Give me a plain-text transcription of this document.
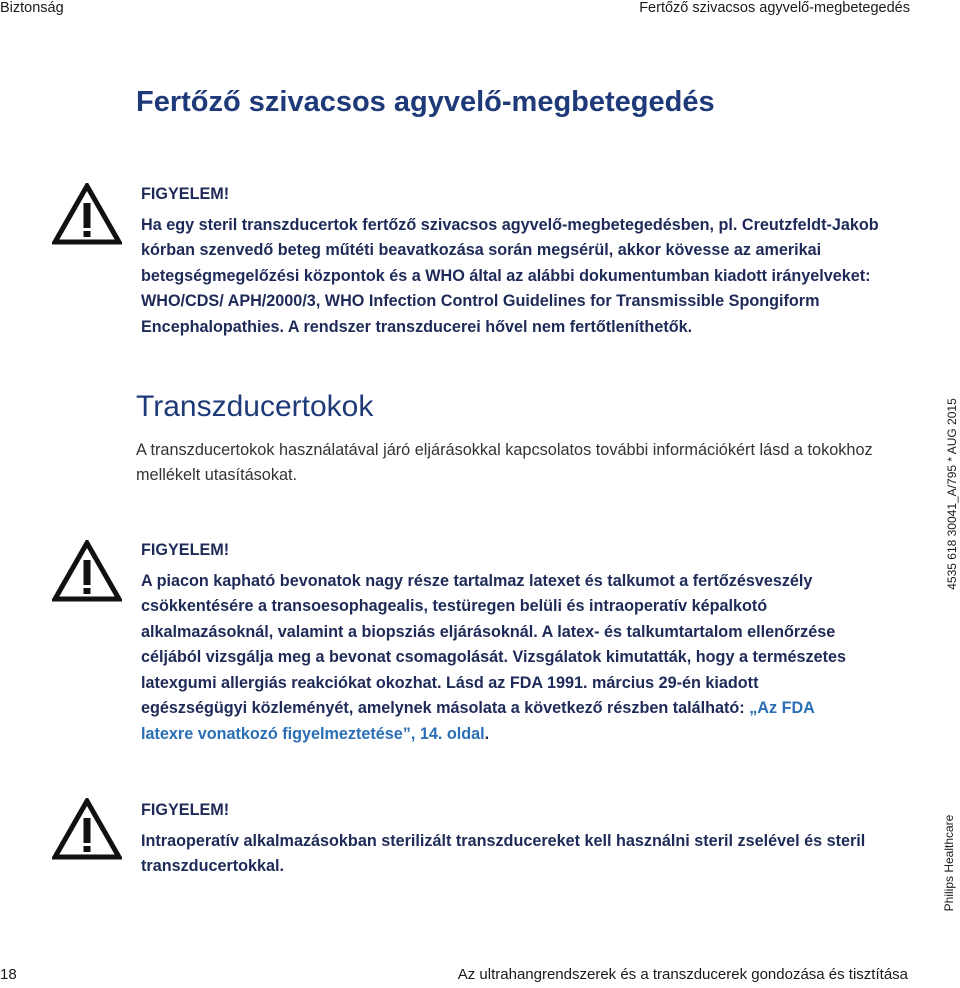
Biztonság	Fertőző szivacsos agyvelő-megbetegedés
Fertőző szivacsos agyvelő-megbetegedés

FIGYELEM!

Ha egy steril transzducertok fertőző szivacsos agyvelő-megbetegedésben, pl. Creutzfeldt-Jakob kórban szenvedő beteg műtéti beavatkozása során megsérül, akkor kövesse az amerikai betegségmegelőzési központok és a WHO által az alábbi dokumentumban kiadott irányelveket: WHO/CDS/ APH/2000/3, WHO Infection Control Guidelines for Transmissible Spongiform Encephalopathies. A rendszer transzducerei hővel nem fertőtleníthetők.

Transzducertokok

A transzducertokok használatával járó eljárásokkal kapcsolatos további információkért lásd a tokokhoz mellékelt utasításokat.

FIGYELEM!

A piacon kapható bevonatok nagy része tartalmaz latexet és talkumot a fertőzésveszély csökkentésére a transoesophagealis, testüregen belüli és intraoperatív képalkotó alkalmazásoknál, valamint a biopsziás eljárásoknál. A latex- és talkumtartalom ellenőrzése céljából vizsgálja meg a bevonat csomagolását. Vizsgálatok kimutatták, hogy a természetes latexgumi allergiás reakciókat okozhat. Lásd az FDA 1991. március 29-én kiadott egészségügyi közleményét, amelynek másolata a következő részben található: „Az FDA latexre vonatkozó figyelmeztetése”, 14. oldal.

FIGYELEM!

Intraoperatív alkalmazásokban sterilizált transzducereket kell használni steril zselével és steril transzducertokkal.

4535 618 30041_A/795 * AUG 2015
Philips Healthcare
18	Az ultrahangrendszerek és a transzducerek gondozása és tisztítása
